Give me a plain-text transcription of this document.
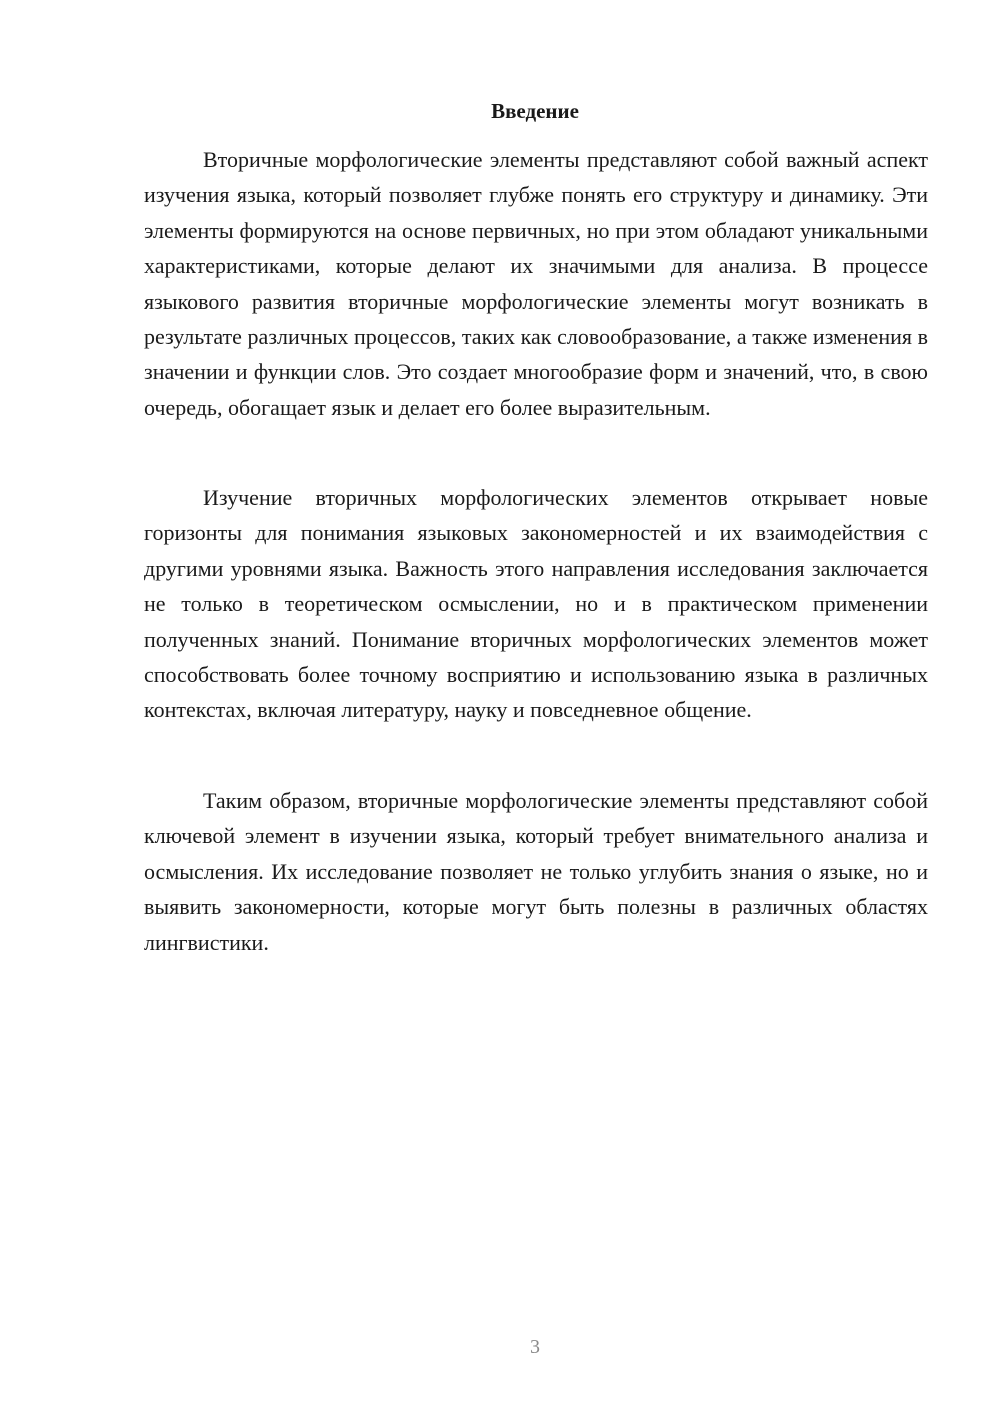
Введение

Вторичные морфологические элементы представляют собой важный аспект изучения языка, который позволяет глубже понять его структуру и динамику. Эти элементы формируются на основе первичных, но при этом обладают уникальными характеристиками, которые делают их значимыми для анализа. В процессе языкового развития вторичные морфологические элементы могут возникать в результате различных процессов, таких как словообразование, а также изменения в значении и функции слов. Это создает многообразие форм и значений, что, в свою очередь, обогащает язык и делает его более выразительным.

Изучение вторичных морфологических элементов открывает новые горизонты для понимания языковых закономерностей и их взаимодействия с другими уровнями языка. Важность этого направления исследования заключается не только в теоретическом осмыслении, но и в практическом применении полученных знаний. Понимание вторичных морфологических элементов может способствовать более точному восприятию и использованию языка в различных контекстах, включая литературу, науку и повседневное общение.

Таким образом, вторичные морфологические элементы представляют собой ключевой элемент в изучении языка, который требует внимательного анализа и осмысления. Их исследование позволяет не только углубить знания о языке, но и выявить закономерности, которые могут быть полезны в различных областях лингвистики.

3
